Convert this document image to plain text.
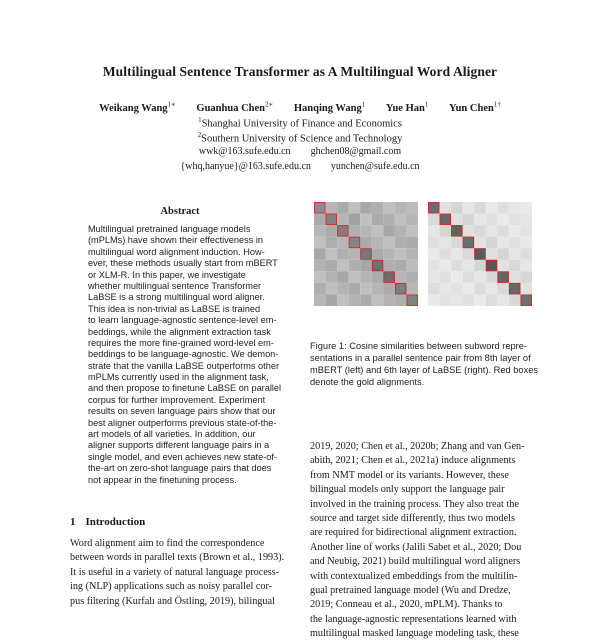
Multilingual Sentence Transformer as A Multilingual Word Aligner
Weikang Wang$^{1∗}$ Guanhua Chen$^{2∗}$ Hanqing Wang$^1$ Yue Han$^1$ Yun Chen$^{1\dagger}$
$^1$Shanghai University of Finance and Economics
$^2$Southern University of Science and Technology
wwk@163.sufe.edu.cn ghchen08@gmail.com
{whq,hanyue}@163.sufe.edu.cn yunchen@sufe.edu.cn
Abstract
Multilingual pretrained language models
(mPLMs) have shown their effectiveness in
multilingual word alignment induction. How-
ever, these methods usually start from mBERT
or XLM-R. In this paper, we investigate
whether multilingual sentence Transformer
LaBSE is a strong multilingual word aligner.
This idea is non-trivial as LaBSE is trained
to learn language-agnostic sentence-level em-
beddings, while the alignment extraction task
requires the more fine-grained word-level em-
beddings to be language-agnostic. We demon-
strate that the vanilla LaBSE outperforms other
mPLMs currently used in the alignment task,
and then propose to finetune LaBSE on parallel
corpus for further improvement. Experiment
results on seven language pairs show that our
best aligner outperforms previous state-of-the-
art models of all varieties. In addition, our
aligner supports different language pairs in a
single model, and even achieves new state-of-
the-art on zero-shot language pairs that does
not appear in the finetuning process.
1 Introduction
Word alignment aim to find the correspondence
between words in parallel texts (Brown et al., 1993).
It is useful in a variety of natural language process-
ing (NLP) applications such as noisy parallel cor-
pus filtering (Kurfalı and Östling, 2019), bilingual
Figure 1: Cosine similarities between subword repre-
sentations in a parallel sentence pair from 8th layer of
mBERT (left) and 6th layer of LaBSE (right). Red boxes
denote the gold alignments.
2019, 2020; Chen et al., 2020b; Zhang and van Gen-
abith, 2021; Chen et al., 2021a) induce alignments
from NMT model or its variants. However, these
bilingual models only support the language pair
involved in the training process. They also treat the
source and target side differently, thus two models
are required for bidirectional alignment extraction.
Another line of works (Jalili Sabet et al., 2020; Dou
and Neubig, 2021) build multilingual word aligners
with contextualized embeddings from the multilin-
gual pretrained language model (Wu and Dredze,
2019; Conneau et al., 2020, mPLM). Thanks to
the language-agnostic representations learned with
multilingual masked language modeling task, these
